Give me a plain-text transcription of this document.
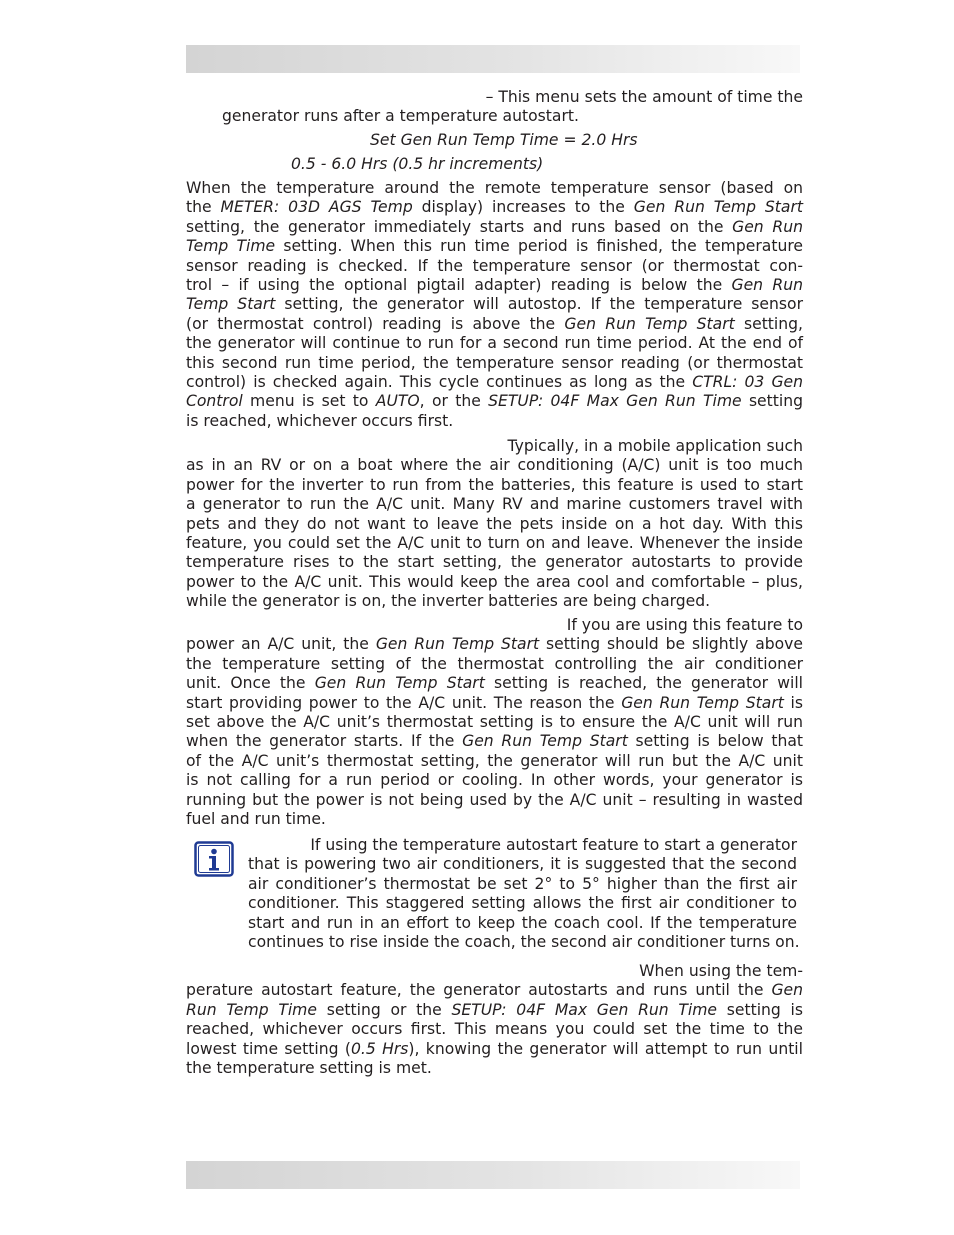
– This menu sets the amount of time the
generator runs after a temperature autostart.

Set Gen Run Temp Time = 2.0 Hrs

0.5 - 6.0 Hrs (0.5 hr increments)

When the temperature around the remote temperature sensor (based on
the METER: 03D AGS Temp display) increases to the Gen Run Temp Start
setting, the generator immediately starts and runs based on the Gen Run
Temp Time setting. When this run time period is finished, the temperature
sensor reading is checked. If the temperature sensor (or thermostat con-
trol – if using the optional pigtail adapter) reading is below the Gen Run
Temp Start setting, the generator will autostop. If the temperature sensor
(or thermostat control) reading is above the Gen Run Temp Start setting,
the generator will continue to run for a second run time period. At the end of
this second run time period, the temperature sensor reading (or thermostat
control) is checked again. This cycle continues as long as the CTRL: 03 Gen
Control menu is set to AUTO, or the SETUP: 04F Max Gen Run Time setting
is reached, whichever occurs first.
Typically, in a mobile application such
as in an RV or on a boat where the air conditioning (A/C) unit is too much
power for the inverter to run from the batteries, this feature is used to start
a generator to run the A/C unit. Many RV and marine customers travel with
pets and they do not want to leave the pets inside on a hot day. With this
feature, you could set the A/C unit to turn on and leave. Whenever the inside
temperature rises to the start setting, the generator autostarts to provide
power to the A/C unit. This would keep the area cool and comfortable – plus,
while the generator is on, the inverter batteries are being charged.
If you are using this feature to
power an A/C unit, the Gen Run Temp Start setting should be slightly above
the temperature setting of the thermostat controlling the air conditioner
unit. Once the Gen Run Temp Start setting is reached, the generator will
start providing power to the A/C unit. The reason the Gen Run Temp Start is
set above the A/C unit’s thermostat setting is to ensure the A/C unit will run
when the generator starts. If the Gen Run Temp Start setting is below that
of the A/C unit’s thermostat setting, the generator will run but the A/C unit
is not calling for a run period or cooling. In other words, your generator is
running but the power is not being used by the A/C unit – resulting in wasted
fuel and run time.
If using the temperature autostart feature to start a generator
that is powering two air conditioners, it is suggested that the second
air conditioner’s thermostat be set 2° to 5° higher than the first air
conditioner. This staggered setting allows the first air conditioner to
start and run in an effort to keep the coach cool. If the temperature
continues to rise inside the coach, the second air conditioner turns on.
When using the tem-
perature autostart feature, the generator autostarts and runs until the Gen
Run Temp Time setting or the SETUP: 04F Max Gen Run Time setting is
reached, whichever occurs first. This means you could set the time to the
lowest time setting (0.5 Hrs), knowing the generator will attempt to run until
the temperature setting is met.
